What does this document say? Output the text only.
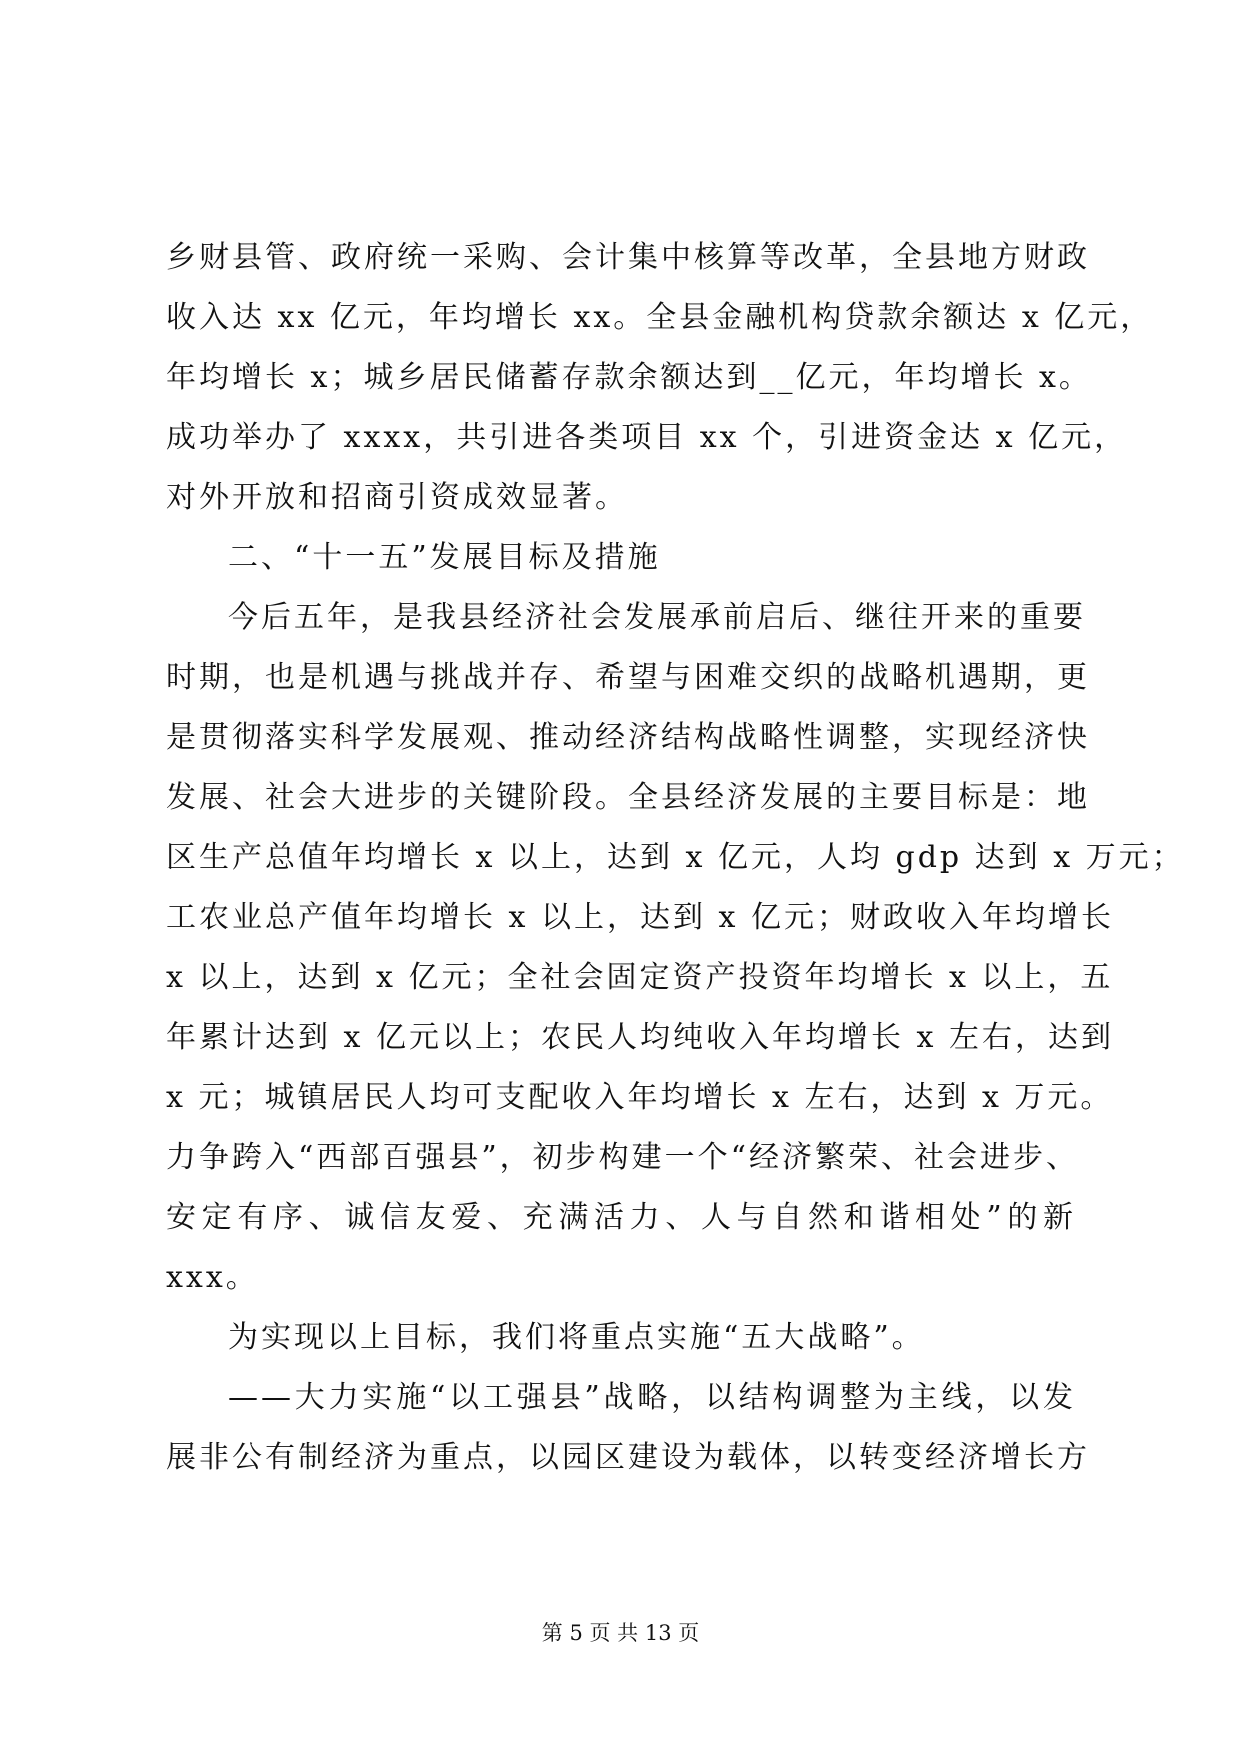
乡财县管、政府统一采购、会计集中核算等改革，全县地方财政
收入达 xx 亿元，年均增长 xx。全县金融机构贷款余额达 x 亿元，
年均增长 x；城乡居民储蓄存款余额达到__亿元，年均增长 x。
成功举办了 xxxx，共引进各类项目 xx 个，引进资金达 x 亿元，
对外开放和招商引资成效显著。
二、“十一五”发展目标及措施
今后五年，是我县经济社会发展承前启后、继往开来的重要
时期，也是机遇与挑战并存、希望与困难交织的战略机遇期，更
是贯彻落实科学发展观、推动经济结构战略性调整，实现经济快
发展、社会大进步的关键阶段。全县经济发展的主要目标是：地
区生产总值年均增长 x 以上，达到 x 亿元，人均 gdp 达到 x 万元；
工农业总产值年均增长 x 以上，达到 x 亿元；财政收入年均增长
x 以上，达到 x 亿元；全社会固定资产投资年均增长 x 以上，五
年累计达到 x 亿元以上；农民人均纯收入年均增长 x 左右，达到
x 元；城镇居民人均可支配收入年均增长 x 左右，达到 x 万元。
力争跨入“西部百强县”，初步构建一个“经济繁荣、社会进步、
安定有序、诚信友爱、充满活力、人与自然和谐相处”的新
xxx。
为实现以上目标，我们将重点实施“五大战略”。
——大力实施“以工强县”战略，以结构调整为主线，以发
展非公有制经济为重点，以园区建设为载体，以转变经济增长方
第 5 页 共 13 页
